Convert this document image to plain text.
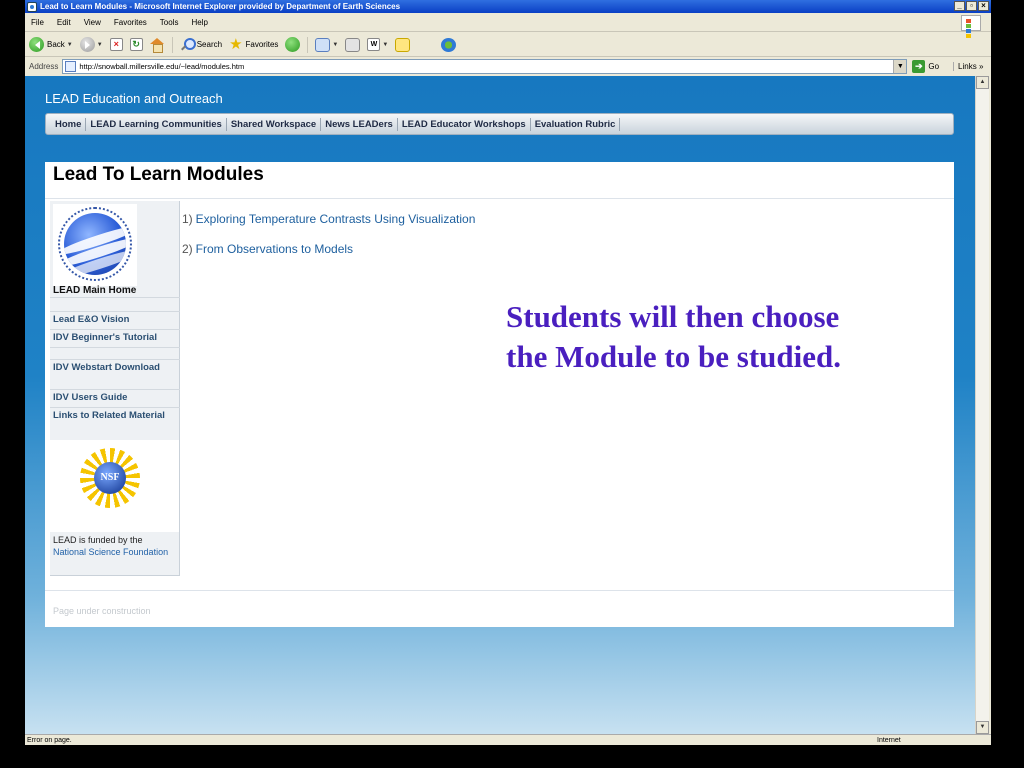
Lead to Learn Modules - Microsoft Internet Explorer provided by Department of Earth Sciences	_	▫	×
File Edit View Favorites Tools Help
Back ▼	▼	×	↻	Search ★ Favorites	▼	W ▼
Address	http://snowball.millersville.edu/~lead/modules.htm	▼	➔ Go	Links »
LEAD Education and Outreach
Home LEAD Learning Communities Shared Workspace News LEADers LEAD Educator Workshops Evaluation Rubric
Lead To Learn Modules
LEAD Main Home
Lead E&O Vision
IDV Beginner's Tutorial
IDV Webstart Download
IDV Users Guide
Links to Related Material
NSF
LEAD is funded by the
National Science Foundation
1) Exploring Temperature Contrasts Using Visualization
2) From Observations to Models
Page under construction
▲
▼
Error on page.	Internet
Students will then choose
the Module to be studied.
